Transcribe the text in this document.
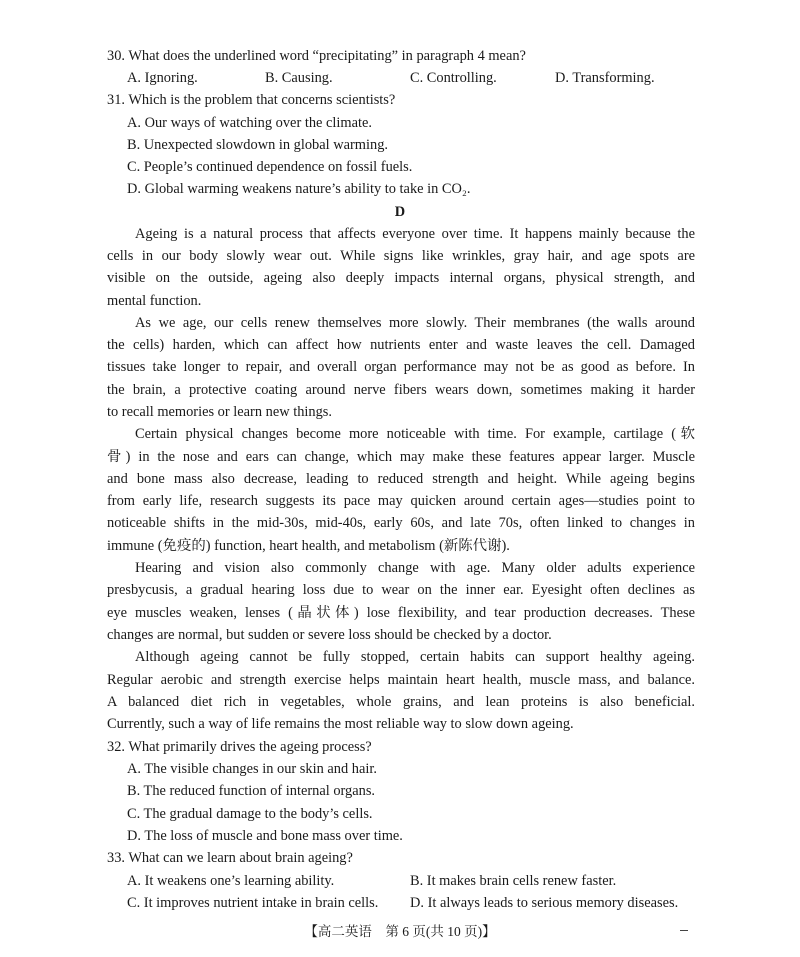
30. What does the underlined word “precipitating” in paragraph 4 mean?
A. Ignoring.	B. Causing.	C. Controlling.	D. Transforming.
31. Which is the problem that concerns scientists?
A. Our ways of watching over the climate.
B. Unexpected slowdown in global warming.
C. People’s continued dependence on fossil fuels.
D. Global warming weakens nature’s ability to take in CO₂.
D
Ageing is a natural process that affects everyone over time. It happens mainly because the
cells in our body slowly wear out. While signs like wrinkles, gray hair, and age spots are
visible on the outside, ageing also deeply impacts internal organs, physical strength, and
mental function.
As we age, our cells renew themselves more slowly. Their membranes (the walls around
the cells) harden, which can affect how nutrients enter and waste leaves the cell. Damaged
tissues take longer to repair, and overall organ performance may not be as good as before. In
the brain, a protective coating around nerve fibers wears down, sometimes making it harder
to recall memories or learn new things.
Certain physical changes become more noticeable with time. For example, cartilage (软
骨) in the nose and ears can change, which may make these features appear larger. Muscle
and bone mass also decrease, leading to reduced strength and height. While ageing begins
from early life, research suggests its pace may quicken around certain ages—studies point to
noticeable shifts in the mid-30s, mid-40s, early 60s, and late 70s, often linked to changes in
immune (免疫的) function, heart health, and metabolism (新陈代谢).
Hearing and vision also commonly change with age. Many older adults experience
presbycusis, a gradual hearing loss due to wear on the inner ear. Eyesight often declines as
eye muscles weaken, lenses (晶状体) lose flexibility, and tear production decreases. These
changes are normal, but sudden or severe loss should be checked by a doctor.
Although ageing cannot be fully stopped, certain habits can support healthy ageing.
Regular aerobic and strength exercise helps maintain heart health, muscle mass, and balance.
A balanced diet rich in vegetables, whole grains, and lean proteins is also beneficial.
Currently, such a way of life remains the most reliable way to slow down ageing.
32. What primarily drives the ageing process?
A. The visible changes in our skin and hair.
B. The reduced function of internal organs.
C. The gradual damage to the body’s cells.
D. The loss of muscle and bone mass over time.
33. What can we learn about brain ageing?
A. It weakens one’s learning ability.	B. It makes brain cells renew faster.
C. It improves nutrient intake in brain cells. D. It always leads to serious memory diseases.
【高二英语　第 6 页(共 10 页)】
